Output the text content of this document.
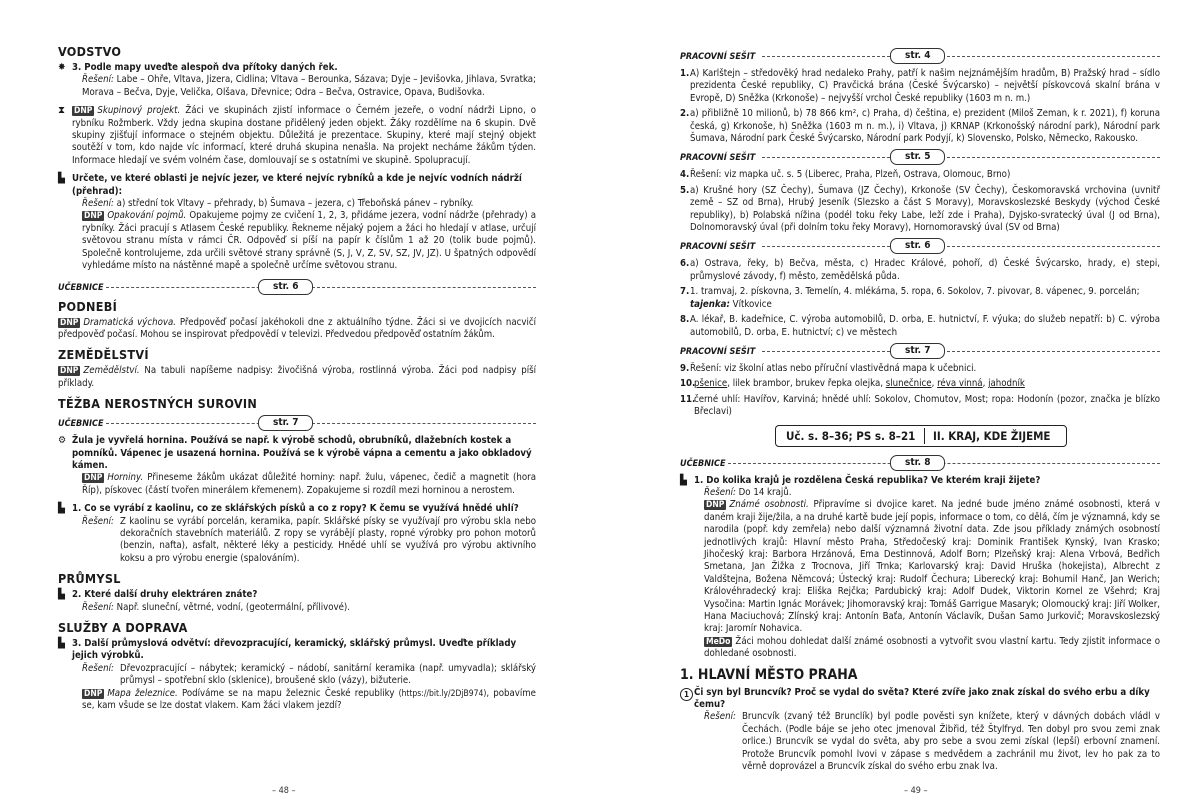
VODSTVO
✸ 3. Podle mapy uveďte alespoň dva přítoky daných řek.
Řešení: Labe – Ohře, Vltava, Jizera, Cidlina; Vltava – Berounka, Sázava; Dyje – Jevišovka, Jihlava, Svratka; Morava – Bečva, Dyje, Velička, Olšava, Dřevnice; Odra – Bečva, Ostravice, Opava, Budišovka.
⧗ DNP Skupinový projekt. Žáci ve skupinách zjistí informace o Černém jezeře, o vodní nádrži Lipno, o rybníku Rožmberk. Vždy jedna skupina dostane přidělený jeden objekt. Žáky rozdělíme na 6 skupin. Dvě skupiny zjišťují informace o stejném objektu. Důležitá je prezentace. Skupiny, které mají stejný objekt soutěží v tom, kdo najde víc informací, které druhá skupina nenašla. Na projekt necháme žákům týden. Informace hledají ve svém volném čase, domlouvají se s ostatními ve skupině. Spolupracují.

▙ Určete, ve které oblasti je nejvíc jezer, ve které nejvíc rybníků a kde je nejvíc vodních nádrží (přehrad):
Řešení: a) střední tok Vltavy – přehrady, b) Šumava – jezera, c) Třeboňská pánev – rybníky.

DNP Opakování pojmů. Opakujeme pojmy ze cvičení 1, 2, 3, přidáme jezera, vodní nádrže (přehrady) a rybníky. Žáci pracují s Atlasem České republiky. Řekneme nějaký pojem a žáci ho hledají v atlase, určují světovou stranu místa v rámci ČR. Odpověď si píší na papír k číslům 1 až 20 (tolik bude pojmů). Společně kontrolujeme, zda určili světové strany správně (S, J, V, Z, SV, SZ, JV, JZ). U špatných odpovědí vyhledáme místo na nástěnné mapě a společně určíme světovou stranu.

UČEBNICE	str. 6
PODNEBÍ

DNP Dramatická výchova. Předpověď počasí jakéhokoli dne z aktuálního týdne. Žáci si ve dvojicích nacvičí předpověď počasí. Mohou se inspirovat předpovědí v televizi. Předvedou předpověď ostatním žákům.

ZEMĚDĚLSTVÍ

DNP Zemědělství. Na tabuli napíšeme nadpisy: živočišná výroba, rostlinná výroba. Žáci pod nadpisy píší příklady.

TĚŽBA NEROSTNÝCH SUROVIN
UČEBNICE	str. 7
⚙ Žula je vyvřelá hornina. Používá se např. k výrobě schodů, obrubníků, dlažebních kostek a pomníků. Vápenec je usazená hornina. Používá se k výrobě vápna a cementu a jako obkladový kámen.

DNP Horniny. Přineseme žákům ukázat důležité horniny: např. žulu, vápenec, čedič a magnetit (hora Říp), pískovec (částí tvořen minerálem křemenem). Zopakujeme si rozdíl mezi horninou a nerostem.

▙ 1. Co se vyrábí z kaolinu, co ze sklářských písků a co z ropy? K čemu se využívá hnědé uhlí?
Řešení: Z kaolinu se vyrábí porcelán, keramika, papír. Sklářské písky se využívají pro výrobu skla nebo dekoračních stavebních materiálů. Z ropy se vyrábějí plasty, ropné výrobky pro pohon motorů (benzin, nafta), asfalt, některé léky a pesticidy. Hnědé uhlí se využívá pro výrobu aktivního koksu a pro výrobu energie (spalováním).
PRŮMYSL
▙ 2. Které další druhy elektráren znáte?
Řešení: Např. sluneční, větrné, vodní, (geotermální, přílivové).
SLUŽBY A DOPRAVA
▙ 3. Další průmyslová odvětví: dřevozpracující, keramický, sklářský průmysl. Uveďte příklady jejich výrobků.
Řešení: Dřevozpracující – nábytek; keramický – nádobí, sanitární keramika (např. umyvadla); sklářský průmysl – spotřební sklo (sklenice), broušené sklo (vázy), bižuterie.

DNP Mapa železnice. Podíváme se na mapu železnic České republiky (https://bit.ly/2DjB974), pobavíme se, kam všude se lze dostat vlakem. Kam žáci vlakem jezdí?

– 48 –
PRACOVNÍ SEŠIT	str. 4
1. A) Karlštejn – středověký hrad nedaleko Prahy, patří k našim nejznámějším hradům, B) Pražský hrad – sídlo prezidenta České republiky, C) Pravčická brána (České Švýcarsko) – největší pískovcová skalní brána v Evropě, D) Sněžka (Krkonoše) – nejvyšší vrchol České republiky (1603 m n. m.)

2. a) přibližně 10 milionů, b) 78 866 km², c) Praha, d) čeština, e) prezident (Miloš Zeman, k r. 2021), f) koruna česká, g) Krkonoše, h) Sněžka (1603 m n. m.), i) Vltava, j) KRNAP (Krkonošský národní park), Národní park Šumava, Národní park České Švýcarsko, Národní park Podyjí, k) Slovensko, Polsko, Německo, Rakousko.

PRACOVNÍ SEŠIT	str. 5
4. Řešení: viz mapka uč. s. 5 (Liberec, Praha, Plzeň, Ostrava, Olomouc, Brno)

5. a) Krušné hory (SZ Čechy), Šumava (JZ Čechy), Krkonoše (SV Čechy), Českomoravská vrchovina (uvnitř země – SZ od Brna), Hrubý Jeseník (Slezsko a část S Moravy), Moravskoslezské Beskydy (východ České republiky), b) Polabská nížina (podél toku řeky Labe, leží zde i Praha), Dyjsko-svratecký úval (J od Brna), Dolnomoravský úval (při dolním toku řeky Moravy), Hornomoravský úval (SV od Brna)

PRACOVNÍ SEŠIT	str. 6
6. a) Ostrava, řeky, b) Bečva, města, c) Hradec Králové, pohoří, d) České Švýcarsko, hrady, e) stepi, průmyslové závody, f) město, zemědělská půda.

7. 1. tramvaj, 2. pískovna, 3. Temelín, 4. mlékárna, 5. ropa, 6. Sokolov, 7. pivovar, 8. vápenec, 9. porcelán;
tajenka: Vítkovice

8. A. lékař, B. kadeřnice, C. výroba automobilů, D. orba, E. hutnictví, F. výuka; do služeb nepatří: b) C. výroba automobilů, D. orba, E. hutnictví; c) ve městech

PRACOVNÍ SEŠIT	str. 7
9. Řešení: viz školní atlas nebo příruční vlastivědná mapa k učebnici.

10.

pšenice, lilek brambor, brukev řepka olejka, slunečnice, réva vinná, jahodník

11.

černé uhlí: Havířov, Karviná; hnědé uhlí: Sokolov, Chomutov, Most; ropa: Hodonín (pozor, značka je blízko Břeclavi)

Uč. s. 8–36; PS s. 8–21 II. KRAJ, KDE ŽIJEME
UČEBNICE	str. 8
▙ 1. Do kolika krajů je rozdělena Česká republika? Ve kterém kraji žijete?
Řešení: Do 14 krajů.

DNP Známé osobnosti. Připravíme si dvojice karet. Na jedné bude jméno známé osobnosti, která v daném kraji žije/žila, a na druhé kartě bude její popis, informace o tom, co dělá, čím je významná, kdy se narodila (popř. kdy zemřela) nebo další významná životní data. Zde jsou příklady známých osobností jednotlivých krajů: Hlavní město Praha, Středočeský kraj: Dominik František Kynský, Ivan Krasko; Jihočeský kraj: Barbora Hrzánová, Ema Destinnová, Adolf Born; Plzeňský kraj: Alena Vrbová, Bedřich Smetana, Jan Žižka z Trocnova, Jiří Trnka; Karlovarský kraj: David Hruška (hokejista), Albrecht z Valdštejna, Božena Němcová; Ústecký kraj: Rudolf Čechura; Liberecký kraj: Bohumil Hanč, Jan Werich; Královéhradecký kraj: Eliška Rejčka; Pardubický kraj: Adolf Dudek, Viktorin Kornel ze Všehrd; Kraj Vysočina: Martin Ignác Morávek; Jihomoravský kraj: Tomáš Garrigue Masaryk; Olomoucký kraj: Jiří Wolker, Hana Maciuchová; Zlínský kraj: Antonín Baťa, Antonín Václavík, Dušan Samo Jurkovič; Moravskoslezský kraj: Jaromír Nohavica.

MeDo Žáci mohou dohledat další známé osobnosti a vytvořit svou vlastní kartu. Tedy zjistit informace o dohledané osobnosti.

1. HLAVNÍ MĚSTO PRAHA
1 Či syn byl Bruncvík? Proč se vydal do světa? Které zvíře jako znak získal do svého erbu a díky čemu?
Řešení: Bruncvík (zvaný též Brunclík) byl podle pověsti syn knížete, který v dávných dobách vládl v Čechách. (Podle báje se jeho otec jmenoval Žibřid, též Štylfryd. Ten dobyl pro svou zemi znak orlice.) Bruncvík se vydal do světa, aby pro sebe a svou zemi získal (lepší) erbovní znamení. Protože Bruncvík pomohl lvovi v zápase s medvědem a zachránil mu život, lev ho pak za to věrně doprovázel a Bruncvík získal do svého erbu znak lva.
– 49 –
